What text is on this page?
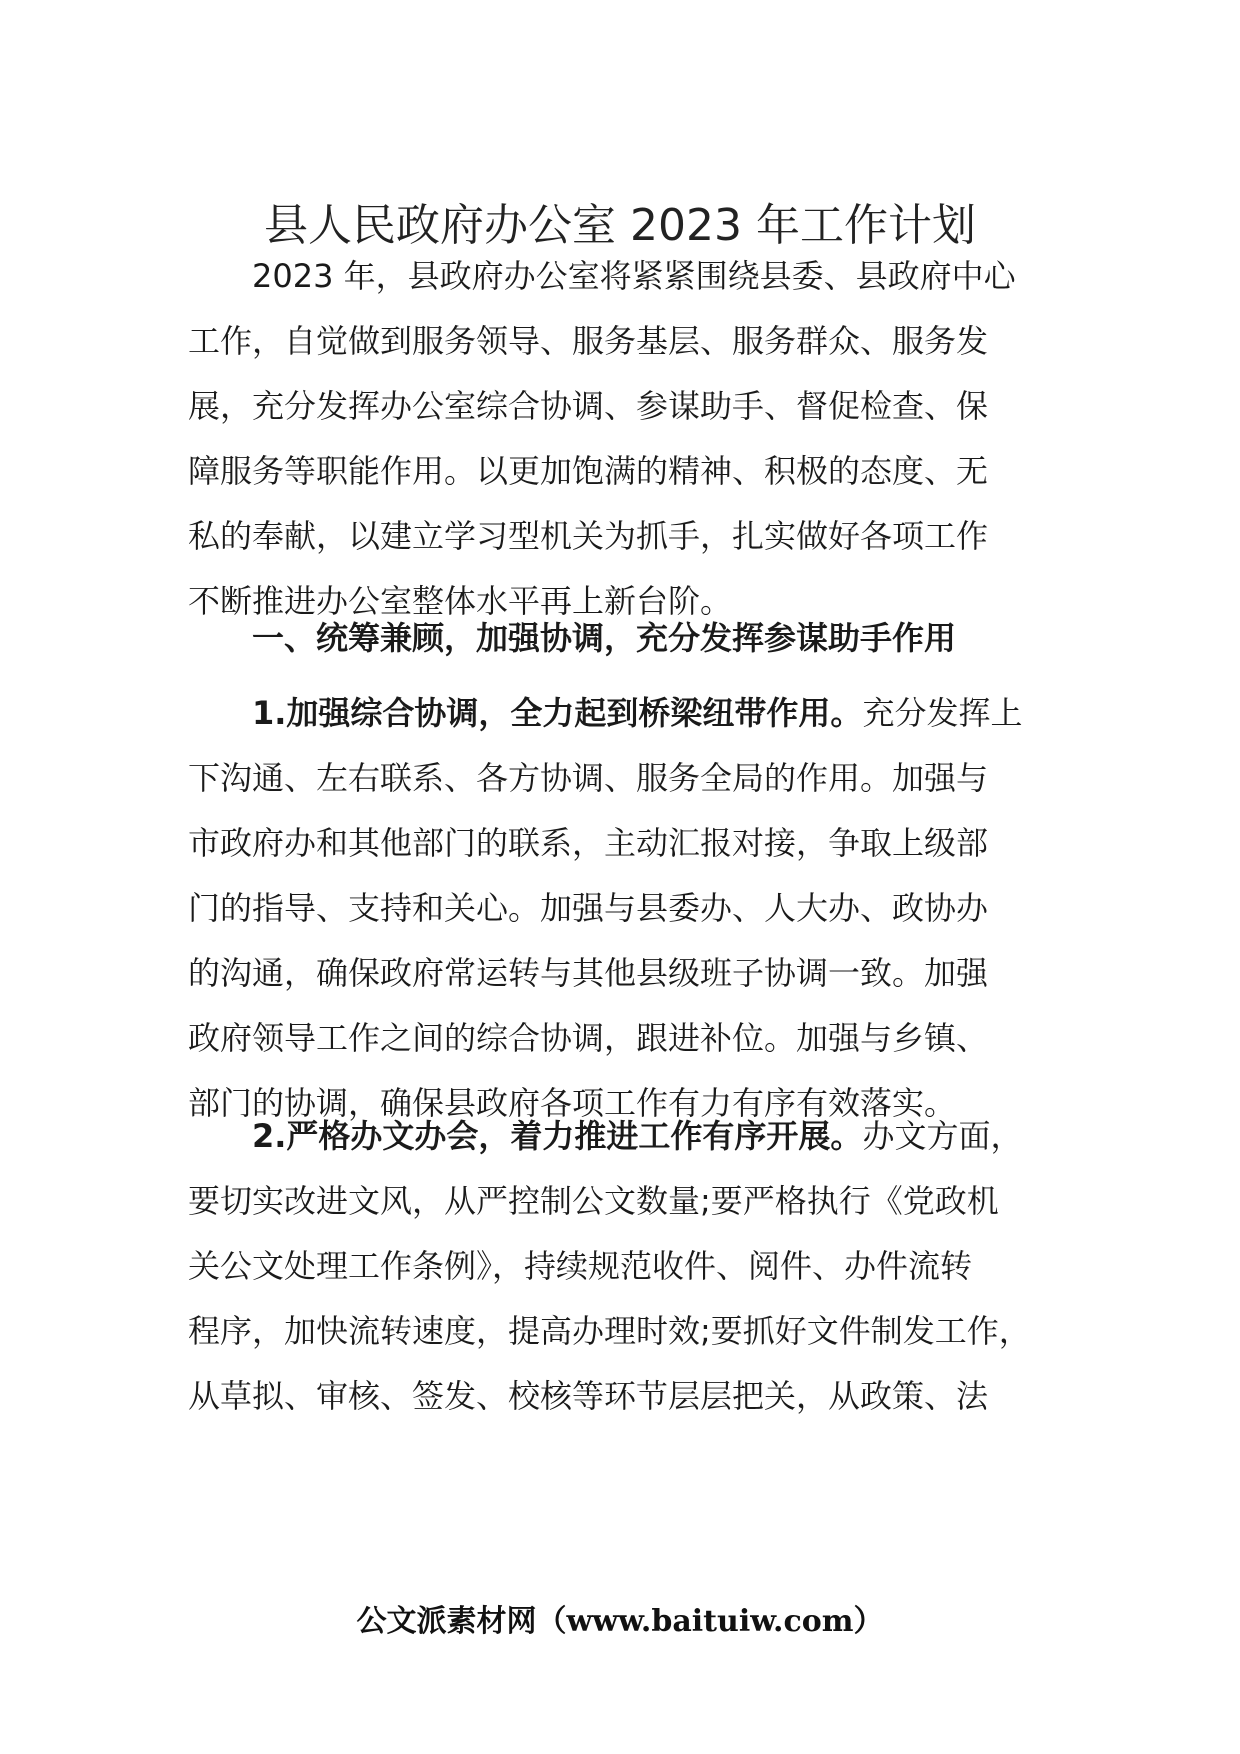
县人民政府办公室 2023 年工作计划
　　2023 年，县政府办公室将紧紧围绕县委、县政府中心
工作，自觉做到服务领导、服务基层、服务群众、服务发
展，充分发挥办公室综合协调、参谋助手、督促检查、保
障服务等职能作用。以更加饱满的精神、积极的态度、无
私的奉献，以建立学习型机关为抓手，扎实做好各项工作
不断推进办公室整体水平再上新台阶。
　　一、统筹兼顾，加强协调，充分发挥参谋助手作用
　　1.加强综合协调，全力起到桥梁纽带作用。充分发挥上
下沟通、左右联系、各方协调、服务全局的作用。加强与
市政府办和其他部门的联系，主动汇报对接，争取上级部
门的指导、支持和关心。加强与县委办、人大办、政协办
的沟通，确保政府常运转与其他县级班子协调一致。加强
政府领导工作之间的综合协调，跟进补位。加强与乡镇、
部门的协调，确保县政府各项工作有力有序有效落实。
　　2.严格办文办会，着力推进工作有序开展。办文方面，
要切实改进文风，从严控制公文数量;要严格执行《党政机
关公文处理工作条例》，持续规范收件、阅件、办件流转
程序，加快流转速度，提高办理时效;要抓好文件制发工作，
从草拟、审核、签发、校核等环节层层把关，从政策、法
公文派素材网（www.baituiw.com）
